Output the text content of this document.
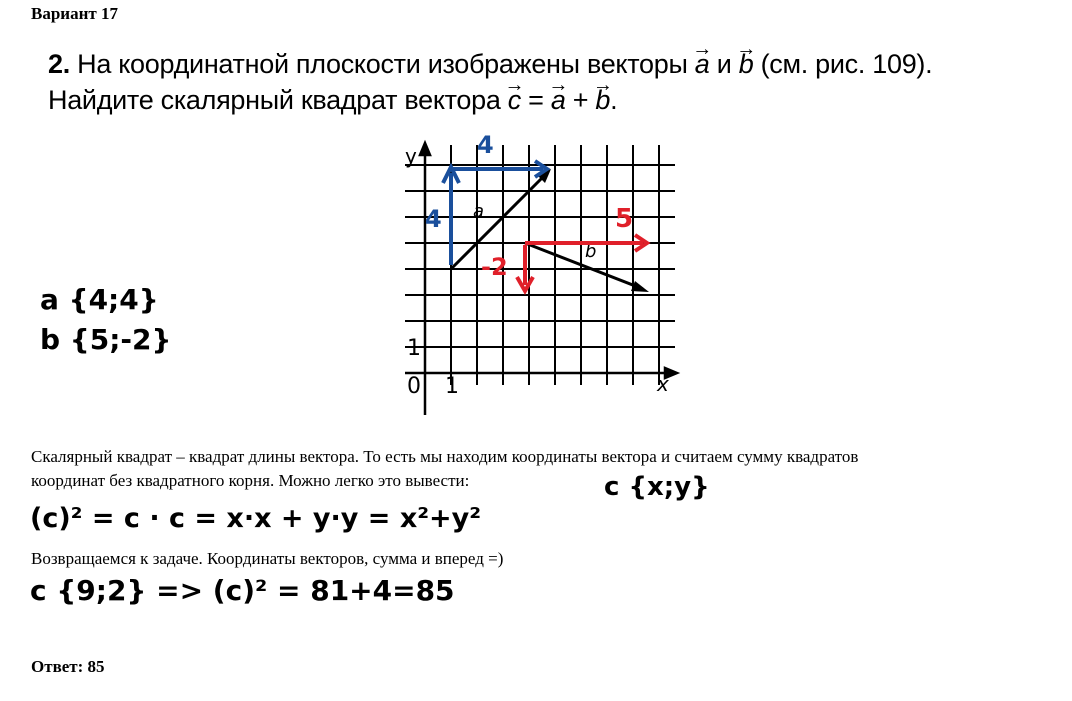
Вариант 17
2. На координатной плоскости изображены векторы → a и → b (см. рис. 109).
Найдите скалярный квадрат вектора → c = → a + → b.
y
x
0 1
1
a
b
4
4	5
-2
a {4;4}
b {5;-2}
Скалярный квадрат – квадрат длины вектора. То есть мы находим координаты вектора и считаем сумму квадратов
координат без квадратного корня. Можно легко это вывести:	c {x;y}
(c)² = c · c = x·x + y·y = x²+y²
Возвращаемся к задаче. Координаты векторов, сумма и вперед =)
c {9;2} => (c)² = 81+4=85
Ответ: 85
